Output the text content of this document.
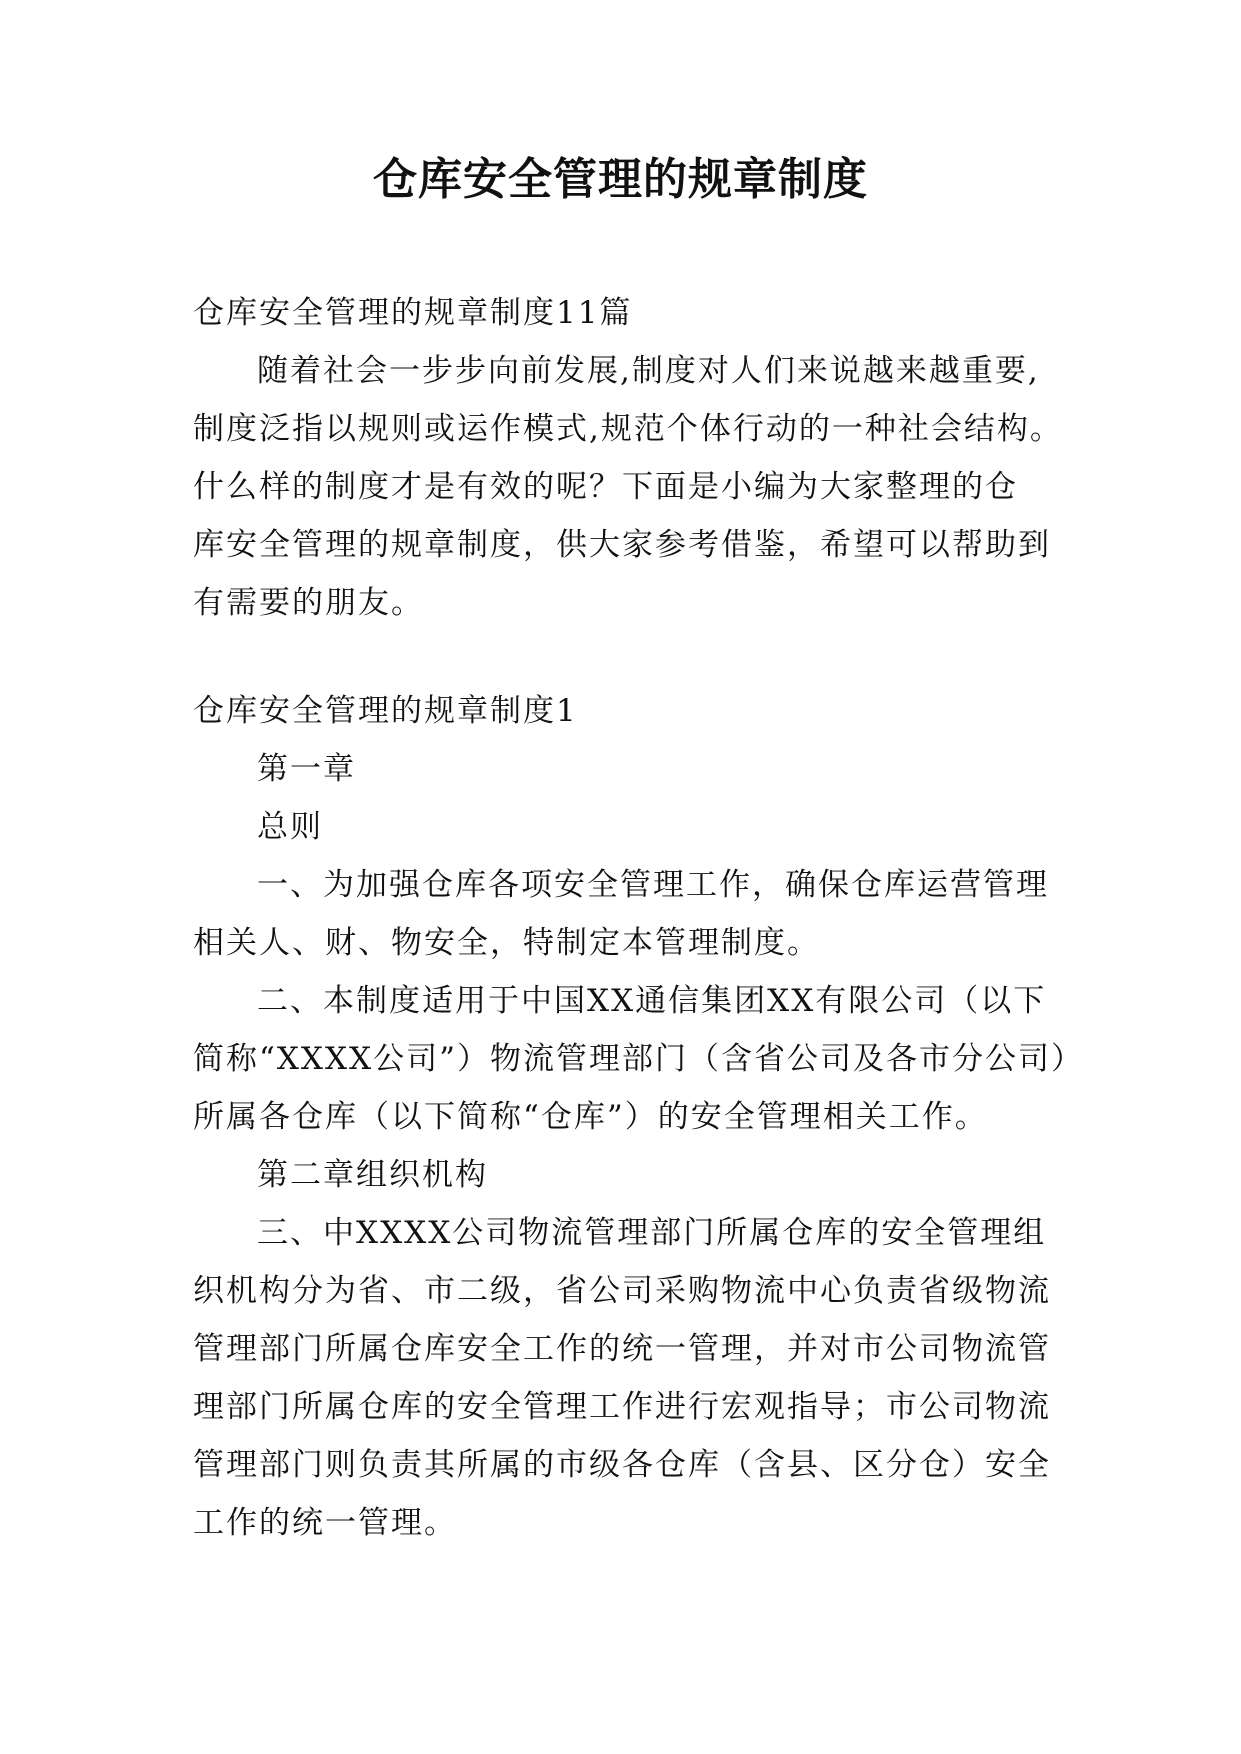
仓库安全管理的规章制度

仓库安全管理的规章制度11篇

随着社会一步步向前发展,制度对人们来说越来越重要,

制度泛指以规则或运作模式,规范个体行动的一种社会结构。

什么样的制度才是有效的呢？下面是小编为大家整理的仓

库安全管理的规章制度，供大家参考借鉴，希望可以帮助到

有需要的朋友。

仓库安全管理的规章制度1

第一章

总则

一、为加强仓库各项安全管理工作，确保仓库运营管理

相关人、财、物安全，特制定本管理制度。

二、本制度适用于中国XX通信集团XX有限公司（以下

简称“XXXX公司”）物流管理部门（含省公司及各市分公司）

所属各仓库（以下简称“仓库”）的安全管理相关工作。

第二章组织机构

三、中XXXX公司物流管理部门所属仓库的安全管理组

织机构分为省、市二级，省公司采购物流中心负责省级物流

管理部门所属仓库安全工作的统一管理，并对市公司物流管

理部门所属仓库的安全管理工作进行宏观指导；市公司物流

管理部门则负责其所属的市级各仓库（含县、区分仓）安全

工作的统一管理。
